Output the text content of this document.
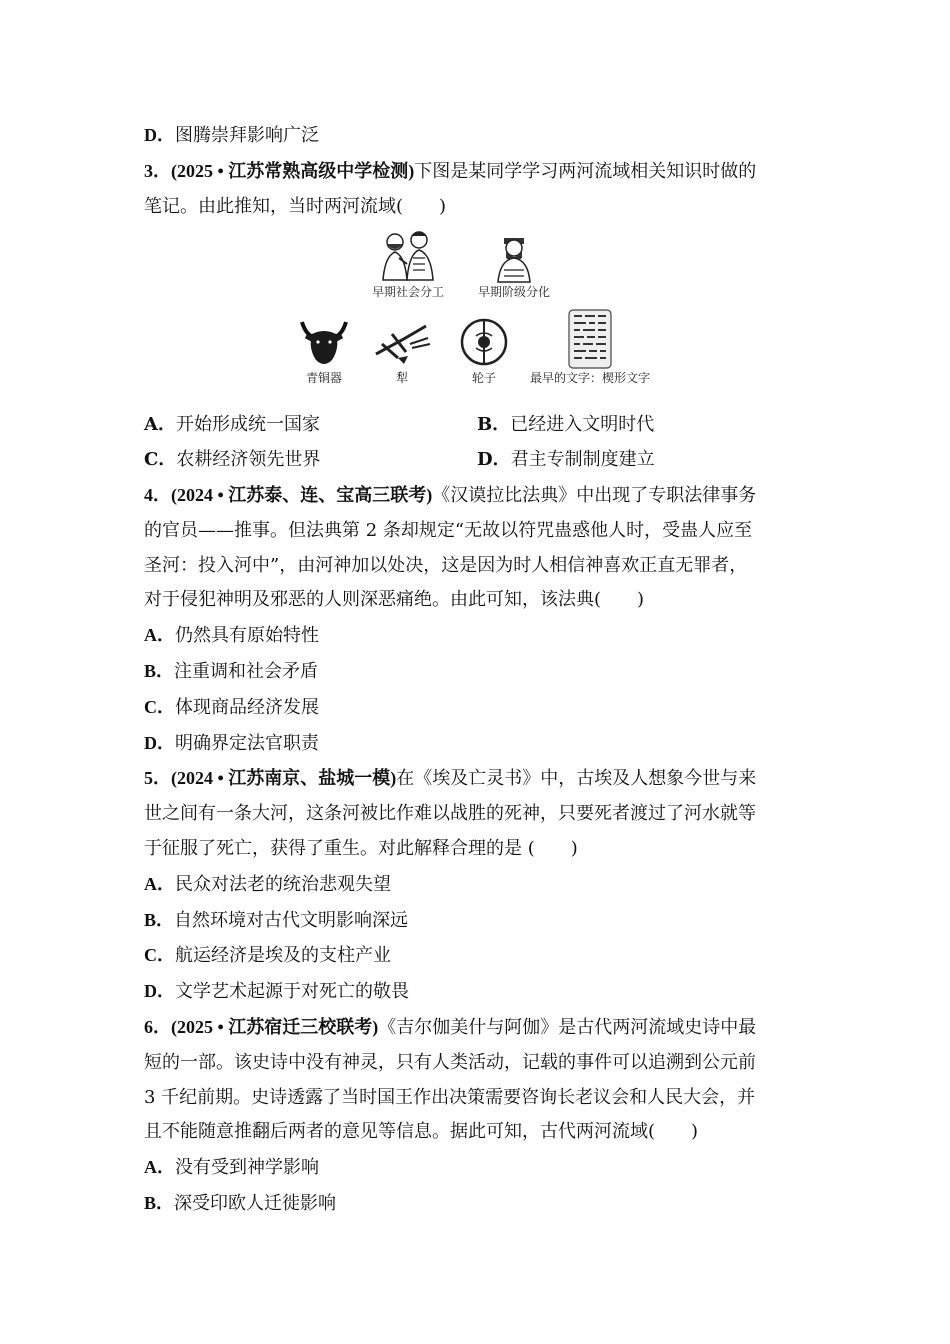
D．图腾崇拜影响广泛
3．(2025 • 江苏常熟高级中学检测)下图是某同学学习两河流域相关知识时做的
笔记。由此推知，当时两河流域(　　)
早期社会分工	早期阶级分化
青铜器	犁	轮子	最早的文字：楔形文字
A．开始形成统一国家	B．已经进入文明时代
C．农耕经济领先世界	D．君主专制制度建立
4．(2024 • 江苏泰、连、宝高三联考)《汉谟拉比法典》中出现了专职法律事务
的官员——推事。但法典第 2 条却规定“无故以符咒蛊惑他人时，受蛊人应至
圣河：投入河中”，由河神加以处决，这是因为时人相信神喜欢正直无罪者，
对于侵犯神明及邪恶的人则深恶痛绝。由此可知，该法典(　　)
A．仍然具有原始特性
B．注重调和社会矛盾
C．体现商品经济发展
D．明确界定法官职责
5．(2024 • 江苏南京、盐城一模)在《埃及亡灵书》中，古埃及人想象今世与来
世之间有一条大河，这条河被比作难以战胜的死神，只要死者渡过了河水就等
于征服了死亡，获得了重生。对此解释合理的是 (　　)
A．民众对法老的统治悲观失望
B．自然环境对古代文明影响深远
C．航运经济是埃及的支柱产业
D．文学艺术起源于对死亡的敬畏
6．(2025 • 江苏宿迁三校联考)《吉尔伽美什与阿伽》是古代两河流域史诗中最
短的一部。该史诗中没有神灵，只有人类活动，记载的事件可以追溯到公元前
3 千纪前期。史诗透露了当时国王作出决策需要咨询长老议会和人民大会，并
且不能随意推翻后两者的意见等信息。据此可知，古代两河流域(　　)
A．没有受到神学影响
B．深受印欧人迁徙影响
